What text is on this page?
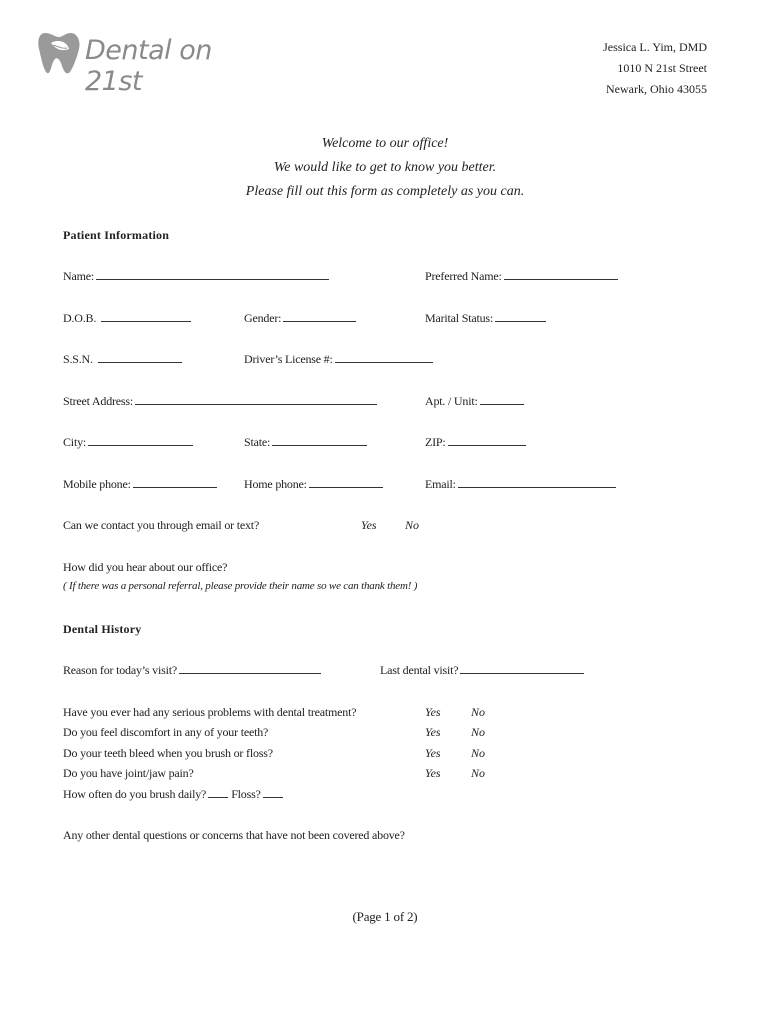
Dental on 21st
Jessica L. Yim, DMD
1010 N 21st Street
Newark, Ohio 43055
Welcome to our office!
We would like to get to know you better.
Please fill out this form as completely as you can.
Patient Information
Name:	Preferred Name:
D.O.B.	Gender:	Marital Status:
S.S.N.	Driver’s License #:
Street Address:	Apt. / Unit:
City:	State:	ZIP:
Mobile phone:	Home phone:	Email:
Can we contact you through email or text?	Yes No
How did you hear about our office?
( If there was a personal referral, please provide their name so we can thank them! )
Dental History
Reason for today’s visit?	Last dental visit?
Have you ever had any serious problems with dental treatment?	Yes	No
Do you feel discomfort in any of your teeth?	Yes	No
Do your teeth bleed when you brush or floss?	Yes	No
Do you have joint/jaw pain?	Yes	No
How often do you brush daily? Floss?
Any other dental questions or concerns that have not been covered above?
(Page 1 of 2)
